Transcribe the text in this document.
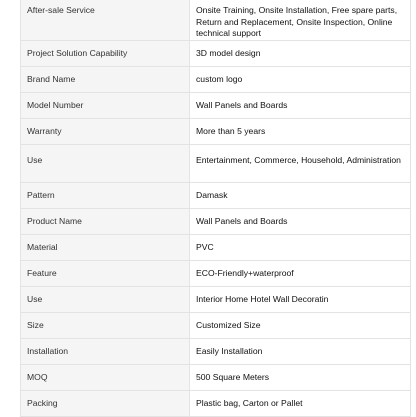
After-sale Service	Onsite Training, Onsite Installation, Free spare parts, Return and Replacement, Onsite Inspection, Online technical support
Project Solution Capability	3D model design
Brand Name	custom logo
Model Number	Wall Panels and Boards
Warranty	More than 5 years
Use	Entertainment, Commerce, Household, Administration
Pattern	Damask
Product Name	Wall Panels and Boards
Material	PVC
Feature	ECO-Friendly+waterproof
Use	Interior Home Hotel Wall Decoratin
Size	Customized Size
Installation	Easily Installation
MOQ	500 Square Meters
Packing	Plastic bag, Carton or Pallet
